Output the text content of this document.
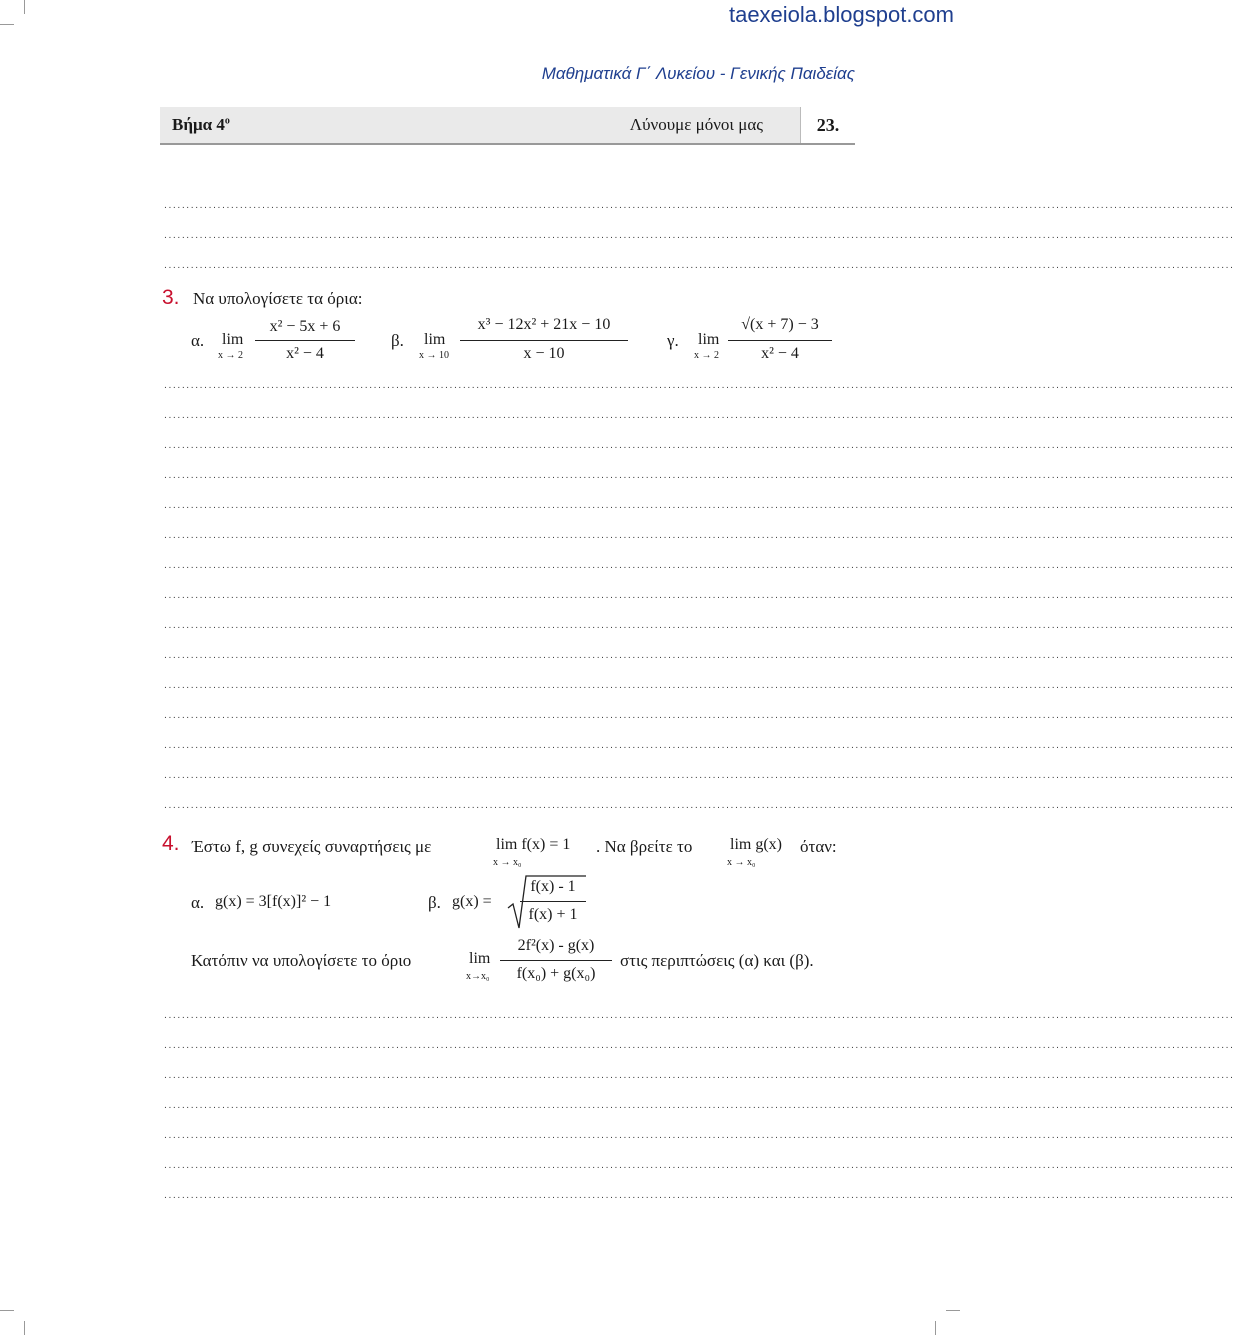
taexeiola.blogspot.com
Μαθηματικά Γ΄ Λυκείου - Γενικής Παιδείας
Βήμα $4^o$	Λύνουμε μόνοι μας	23.
................................................................................................................................................................................................................................................
................................................................................................................................................................................................................................................
................................................................................................................................................................................................................................................
3. Να υπολογίσετε τα όρια:
α. lim
x → 2
x² − 5x + 6
x² − 4
β. lim
x → 10
x³ − 12x² + 21x − 10
x − 10
γ. lim
x → 2
√(x + 7) − 3
x² − 4
................................................................................................................................................................................................................................................
................................................................................................................................................................................................................................................
................................................................................................................................................................................................................................................
................................................................................................................................................................................................................................................
................................................................................................................................................................................................................................................
................................................................................................................................................................................................................................................
................................................................................................................................................................................................................................................
................................................................................................................................................................................................................................................
................................................................................................................................................................................................................................................
................................................................................................................................................................................................................................................
................................................................................................................................................................................................................................................
................................................................................................................................................................................................................................................
................................................................................................................................................................................................................................................
................................................................................................................................................................................................................................................
................................................................................................................................................................................................................................................
4. Έστω f, g συνεχείς συναρτήσεις με	lim f(x) = 1
x → x₀
. Να βρείτε το lim g(x)
x → x₀
όταν:
α. g(x) = 3[f(x)]² − 1	β. g(x) =
f(x) - 1
f(x) + 1
Κατόπιν να υπολογίσετε το όριο	lim
x→x₀
2f²(x) - g(x)
f(x₀) + g(x₀)
στις περιπτώσεις (α) και (β).
................................................................................................................................................................................................................................................
................................................................................................................................................................................................................................................
................................................................................................................................................................................................................................................
................................................................................................................................................................................................................................................
................................................................................................................................................................................................................................................
................................................................................................................................................................................................................................................
................................................................................................................................................................................................................................................
